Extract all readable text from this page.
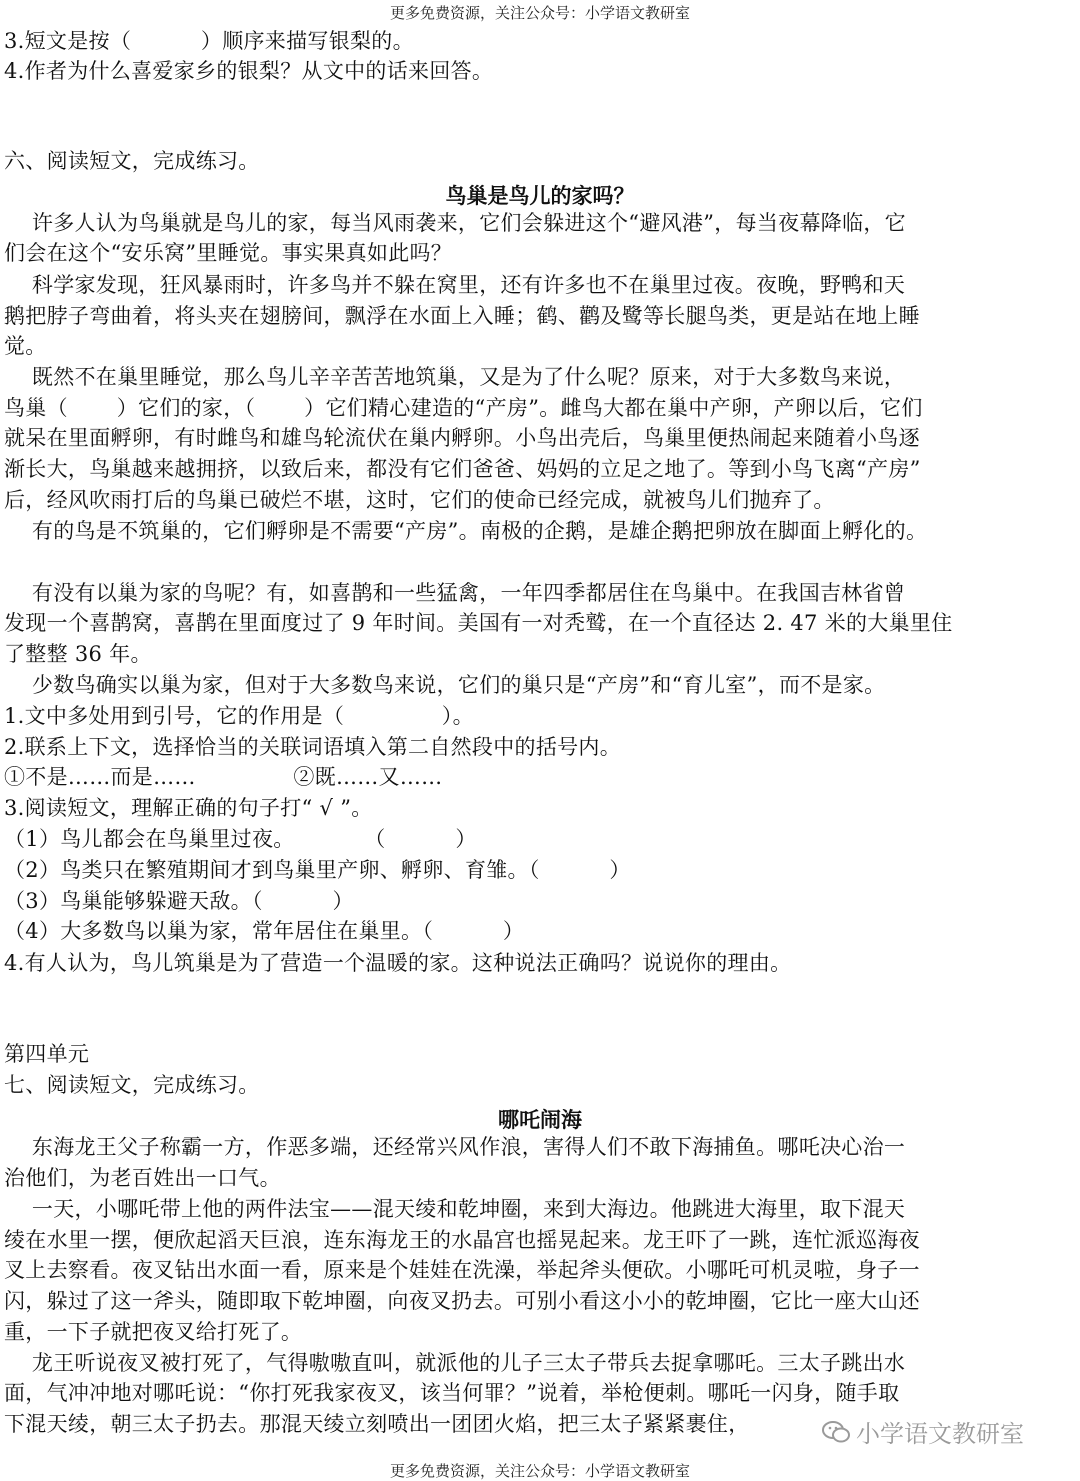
更多免费资源，关注公众号：小学语文教研室
3.短文是按（          ）顺序来描写银梨的。
4.作者为什么喜爱家乡的银梨？从文中的话来回答。
六、阅读短文，完成练习。
鸟巢是鸟儿的家吗？
许多人认为鸟巢就是鸟儿的家，每当风雨袭来，它们会躲进这个“避风港”，每当夜幕降临，它
们会在这个“安乐窝”里睡觉。事实果真如此吗？
科学家发现，狂风暴雨时，许多鸟并不躲在窝里，还有许多也不在巢里过夜。夜晚，野鸭和天
鹅把脖子弯曲着，将头夹在翅膀间，飘浮在水面上入睡；鹤、鹳及鹭等长腿鸟类，更是站在地上睡
觉。
既然不在巢里睡觉，那么鸟儿辛辛苦苦地筑巢，又是为了什么呢？原来，对于大多数鸟来说，
鸟巢（       ）它们的家，（       ）它们精心建造的“产房”。雌鸟大都在巢中产卵，产卵以后，它们
就呆在里面孵卵，有时雌鸟和雄鸟轮流伏在巢内孵卵。小鸟出壳后，鸟巢里便热闹起来随着小鸟逐
渐长大，鸟巢越来越拥挤，以致后来，都没有它们爸爸、妈妈的立足之地了。等到小鸟飞离“产房”
后，经风吹雨打后的鸟巢已破烂不堪，这时，它们的使命已经完成，就被鸟儿们抛弃了。
有的鸟是不筑巢的，它们孵卵是不需要“产房”。南极的企鹅，是雄企鹅把卵放在脚面上孵化的。
有没有以巢为家的鸟呢？有，如喜鹊和一些猛禽，一年四季都居住在鸟巢中。在我国吉林省曾
发现一个喜鹊窝，喜鹊在里面度过了 9 年时间。美国有一对秃鹫，在一个直径达 2. 47 米的大巢里住
了整整 36 年。
少数鸟确实以巢为家，但对于大多数鸟来说，它们的巢只是“产房”和“育儿室”，而不是家。
1.文中多处用到引号，它的作用是（              ）。
2.联系上下文，选择恰当的关联词语填入第二自然段中的括号内。
①不是……而是……              ②既……又……
3.阅读短文，理解正确的句子打“ √ ”。
（1）鸟儿都会在鸟巢里过夜。          （          ）
（2）鸟类只在繁殖期间才到鸟巢里产卵、孵卵、育雏。（          ）
（3）鸟巢能够躲避天敌。（          ）
（4）大多数鸟以巢为家，常年居住在巢里。（          ）
4.有人认为，鸟儿筑巢是为了营造一个温暖的家。这种说法正确吗？说说你的理由。
第四单元
七、阅读短文，完成练习。
哪吒闹海
东海龙王父子称霸一方，作恶多端，还经常兴风作浪，害得人们不敢下海捕鱼。哪吒决心治一
治他们，为老百姓出一口气。
一天，小哪吒带上他的两件法宝——混天绫和乾坤圈，来到大海边。他跳进大海里，取下混天
绫在水里一摆，便欣起滔天巨浪，连东海龙王的水晶宫也摇晃起来。龙王吓了一跳，连忙派巡海夜
叉上去察看。夜叉钻出水面一看，原来是个娃娃在洗澡，举起斧头便砍。小哪吒可机灵啦，身子一
闪，躲过了这一斧头，随即取下乾坤圈，向夜叉扔去。可别小看这小小的乾坤圈，它比一座大山还
重，一下子就把夜叉给打死了。
龙王听说夜叉被打死了，气得嗷嗷直叫，就派他的儿子三太子带兵去捉拿哪吒。三太子跳出水
面，气冲冲地对哪吒说：“你打死我家夜叉，该当何罪？”说着，举枪便刺。哪吒一闪身，随手取
下混天绫，朝三太子扔去。那混天绫立刻喷出一团团火焰，把三太子紧紧裹住，	小学语文教研室
更多免费资源，关注公众号：小学语文教研室
